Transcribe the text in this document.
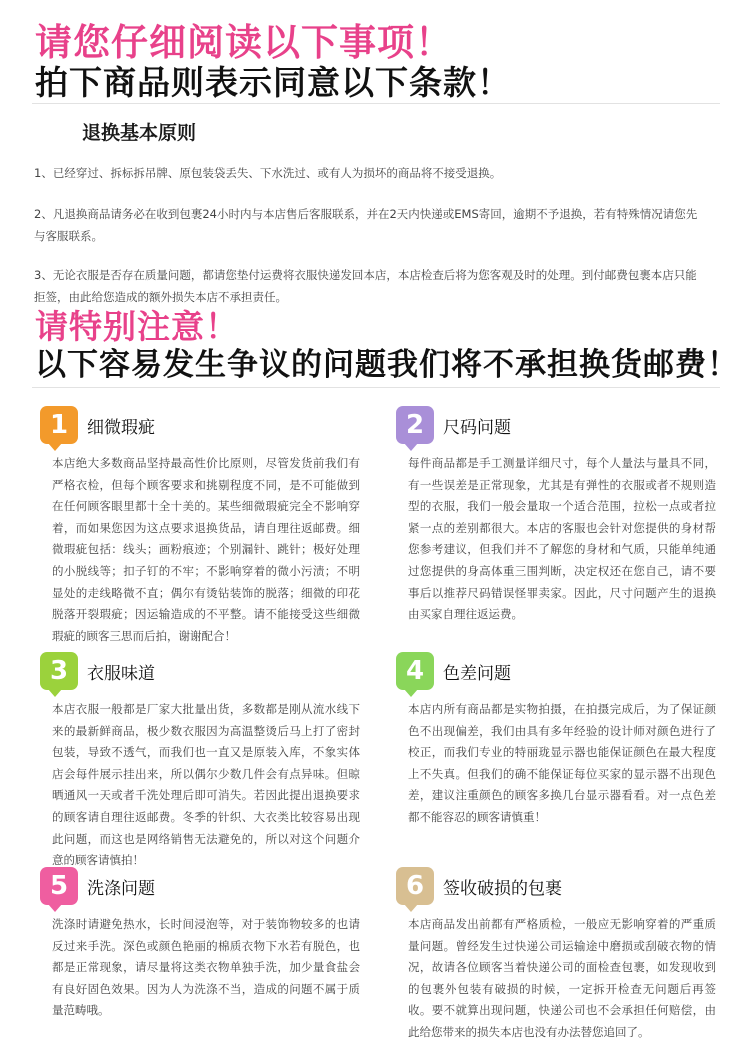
请您仔细阅读以下事项！
拍下商品则表示同意以下条款！
退换基本原则
1、已经穿过、拆标拆吊牌、原包装袋丢失、下水洗过、或有人为损坏的商品将不接受退换。
2、凡退换商品请务必在收到包裹24小时内与本店售后客服联系，并在2天内快递或EMS寄回，逾期不予退换，若有特殊情况请您先与客服联系。
3、无论衣服是否存在质量问题，都请您垫付运费将衣服快递发回本店，本店检查后将为您客观及时的处理。到付邮费包裹本店只能拒签，由此给您造成的额外损失本店不承担责任。
请特别注意！
以下容易发生争议的问题我们将不承担换货邮费！
1	细微瑕疵
本店绝大多数商品坚持最高性价比原则，尽管发货前我们有严格衣检，但每个顾客要求和挑剔程度不同，是不可能做到在任何顾客眼里都十全十美的。某些细微瑕疵完全不影响穿着，而如果您因为这点要求退换货品，请自理往返邮费。细微瑕疵包括：线头；画粉痕迹；个别漏针、跳针；极好处理的小脱线等；扣子钉的不牢；不影响穿着的微小污渍；不明显处的走线略微不直；偶尔有烫钻装饰的脱落；细微的印花脱落开裂瑕疵；因运输造成的不平整。请不能接受这些细微瑕疵的顾客三思而后拍，谢谢配合！
2	尺码问题
每件商品都是手工测量详细尺寸，每个人量法与量具不同，有一些误差是正常现象，尤其是有弹性的衣服或者不规则造型的衣服，我们一般会量取一个适合范围，拉松一点或者拉紧一点的差别都很大。本店的客服也会针对您提供的身材帮您参考建议，但我们并不了解您的身材和气质，只能单纯通过您提供的身高体重三围判断，决定权还在您自己，请不要事后以推荐尺码错误怪罪卖家。因此，尺寸问题产生的退换由买家自理往返运费。
3	衣服味道
本店衣服一般都是厂家大批量出货，多数都是刚从流水线下来的最新鲜商品，极少数衣服因为高温整烫后马上打了密封包装，导致不透气，而我们也一直又是原装入库，不象实体店会每件展示挂出来，所以偶尔少数几件会有点异味。但晾晒通风一天或者千洗处理后即可消失。若因此提出退换要求的顾客请自理往返邮费。冬季的针织、大衣类比较容易出现此问题，而这也是网络销售无法避免的，所以对这个问题介意的顾客请慎拍！
4	色差问题
本店内所有商品都是实物拍摄，在拍摄完成后，为了保证颜色不出现偏差，我们由具有多年经验的设计师对颜色进行了校正，而我们专业的特丽珑显示器也能保证颜色在最大程度上不失真。但我们的确不能保证每位买家的显示器不出现色差，建议注重颜色的顾客多换几台显示器看看。对一点色差都不能容忍的顾客请慎重！
5	洗涤问题
洗涤时请避免热水，长时间浸泡等，对于装饰物较多的也请反过来手洗。深色或颜色艳丽的棉质衣物下水若有脱色，也都是正常现象，请尽量将这类衣物单独手洗，加少量食盐会有良好固色效果。因为人为洗涤不当，造成的问题不属于质量范畴哦。
6	签收破损的包裹
本店商品发出前都有严格质检，一般应无影响穿着的严重质量问题。曾经发生过快递公司运输途中磨损或刮破衣物的情况，故请各位顾客当着快递公司的面检查包裹，如发现收到的包裹外包装有破损的时候，一定拆开检查无问题后再签收。要不就算出现问题，快递公司也不会承担任何赔偿，由此给您带来的损失本店也没有办法替您追回了。
